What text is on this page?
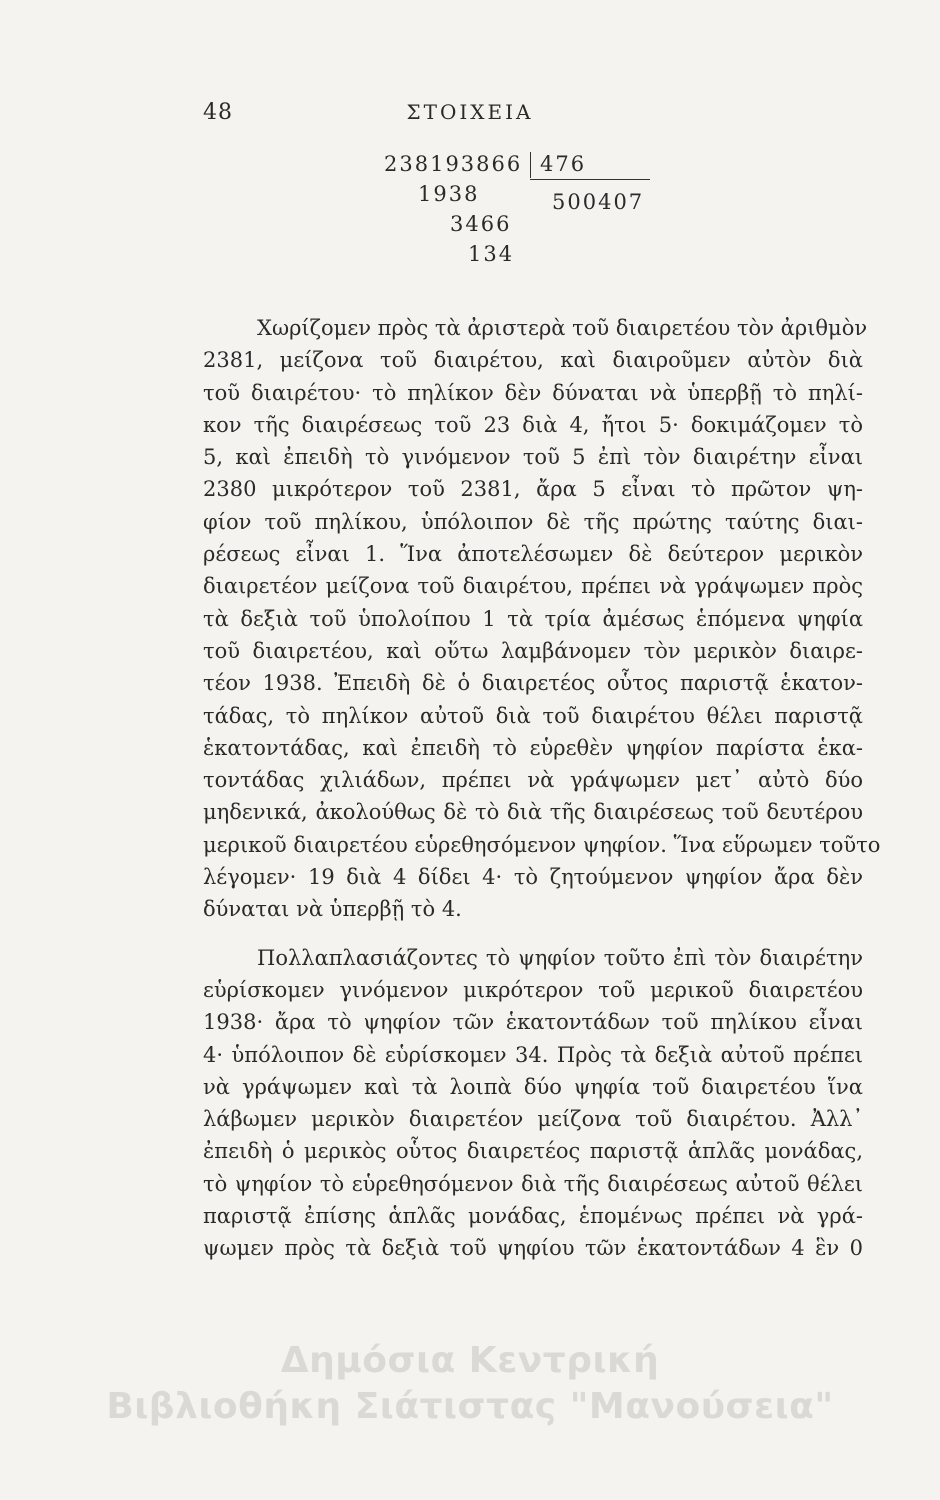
48	ΣΤΟΙΧΕΙΑ
238193866 476
1938	500407
3466
134
Χωρίζομεν πρὸς τὰ ἀριστερὰ τοῦ διαιρετέου τὸν ἀριθμὸν
2381, μείζονα τοῦ διαιρέτου, καὶ διαιροῦμεν αὐτὸν διὰ
τοῦ διαιρέτου· τὸ πηλίκον δὲν δύναται νὰ ὑπερβῇ τὸ πηλί-
κον τῆς διαιρέσεως τοῦ 23 διὰ 4, ἤτοι 5· δοκιμάζομεν τὸ
5, καὶ ἐπειδὴ τὸ γινόμενον τοῦ 5 ἐπὶ τὸν διαιρέτην εἶναι
2380 μικρότερον τοῦ 2381, ἄρα 5 εἶναι τὸ πρῶτον ψη-
φίον τοῦ πηλίκου, ὑπόλοιπον δὲ τῆς πρώτης ταύτης διαι-
ρέσεως εἶναι 1. Ἵνα ἀποτελέσωμεν δὲ δεύτερον μερικὸν
διαιρετέον μείζονα τοῦ διαιρέτου, πρέπει νὰ γράψωμεν πρὸς
τὰ δεξιὰ τοῦ ὑπολοίπου 1 τὰ τρία ἀμέσως ἑπόμενα ψηφία
τοῦ διαιρετέου, καὶ οὕτω λαμβάνομεν τὸν μερικὸν διαιρε-
τέον 1938. Ἐπειδὴ δὲ ὁ διαιρετέος οὗτος παριστᾷ ἑκατον-
τάδας, τὸ πηλίκον αὐτοῦ διὰ τοῦ διαιρέτου θέλει παριστᾷ
ἑκατοντάδας, καὶ ἐπειδὴ τὸ εὑρεθὲν ψηφίον παρίστα ἑκα-
τοντάδας χιλιάδων, πρέπει νὰ γράψωμεν μετ᾽ αὐτὸ δύο
μηδενικά, ἀκολούθως δὲ τὸ διὰ τῆς διαιρέσεως τοῦ δευτέρου
μερικοῦ διαιρετέου εὑρεθησόμενον ψηφίον. Ἵνα εὕρωμεν τοῦτο
λέγομεν· 19 διὰ 4 δίδει 4· τὸ ζητούμενον ψηφίον ἄρα δὲν
δύναται νὰ ὑπερβῇ τὸ 4.
Πολλαπλασιάζοντες τὸ ψηφίον τοῦτο ἐπὶ τὸν διαιρέτην
εὑρίσκομεν γινόμενον μικρότερον τοῦ μερικοῦ διαιρετέου
1938· ἄρα τὸ ψηφίον τῶν ἑκατοντάδων τοῦ πηλίκου εἶναι
4· ὑπόλοιπον δὲ εὑρίσκομεν 34. Πρὸς τὰ δεξιὰ αὐτοῦ πρέπει
νὰ γράψωμεν καὶ τὰ λοιπὰ δύο ψηφία τοῦ διαιρετέου ἵνα
λάβωμεν μερικὸν διαιρετέον μείζονα τοῦ διαιρέτου. Ἀλλ᾽
ἐπειδὴ ὁ μερικὸς οὗτος διαιρετέος παριστᾷ ἁπλᾶς μονάδας,
τὸ ψηφίον τὸ εὑρεθησόμενον διὰ τῆς διαιρέσεως αὐτοῦ θέλει
παριστᾷ ἐπίσης ἁπλᾶς μονάδας, ἑπομένως πρέπει νὰ γρά-
ψωμεν πρὸς τὰ δεξιὰ τοῦ ψηφίου τῶν ἑκατοντάδων 4 ἓν 0
Δημόσια Κεντρική
Βιβλιοθήκη Σιάτιστας "Μανούσεια"
